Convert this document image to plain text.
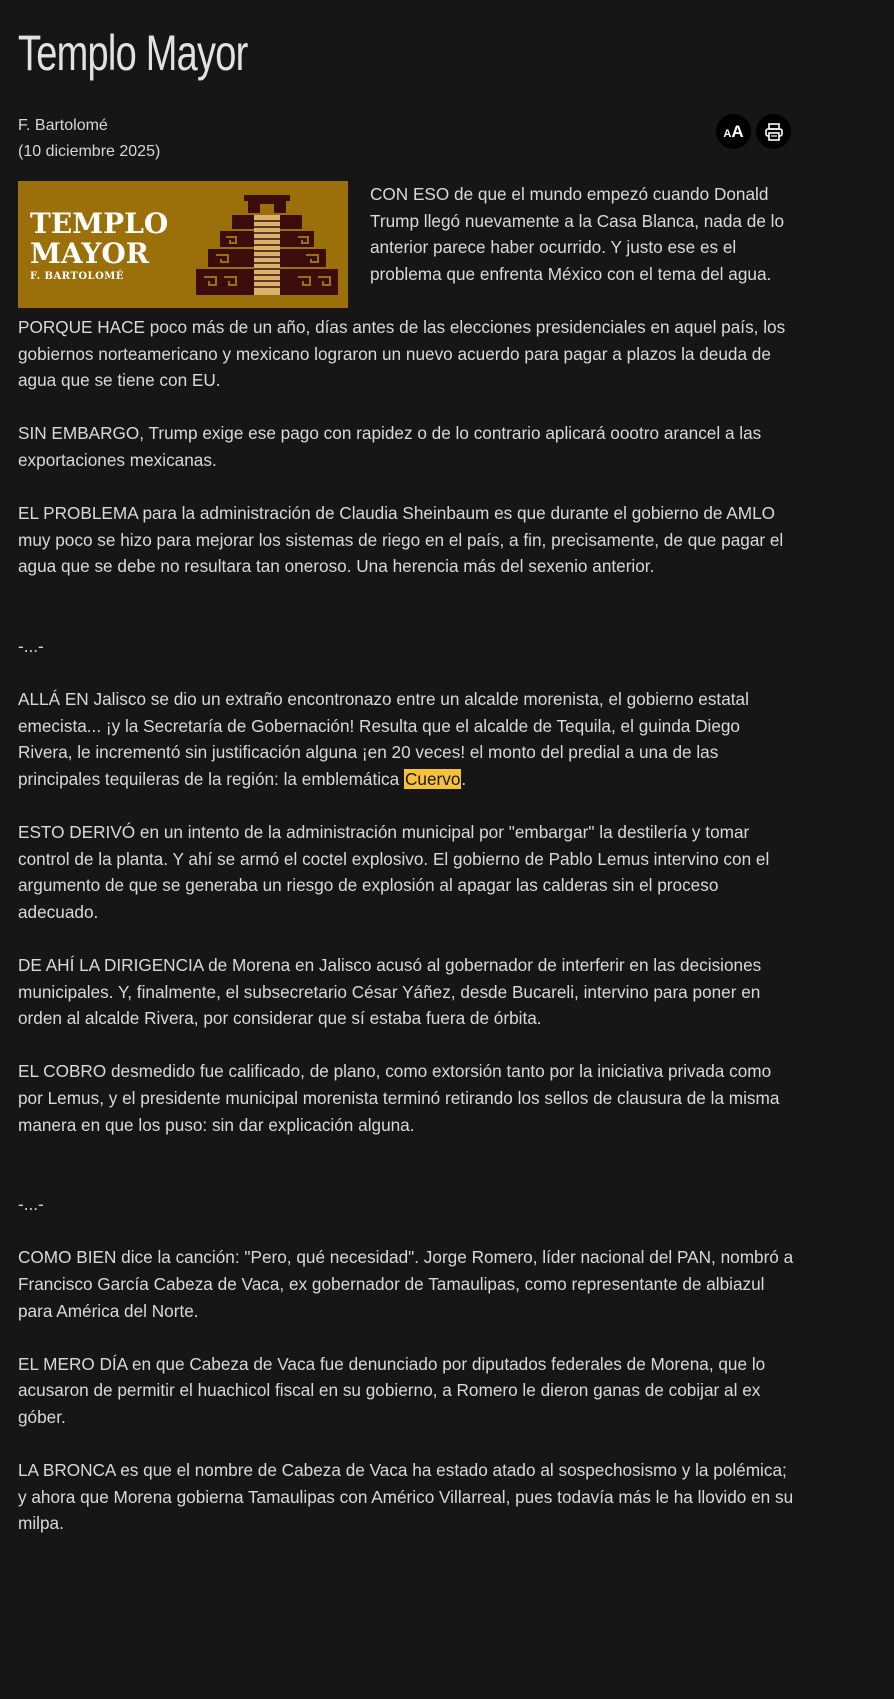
Templo Mayor
F. Bartolomé
(10 diciembre 2025)
AA
TEMPLO
MAYOR
F. BARTOLOMÉ

CON ESO de que el mundo empezó cuando Donald Trump llegó nuevamente a la Casa Blanca, nada de lo anterior parece haber ocurrido. Y justo ese es el problema que enfrenta México con el tema del agua.

PORQUE HACE poco más de un año, días antes de las elecciones presidenciales en aquel país, los gobiernos norteamericano y mexicano lograron un nuevo acuerdo para pagar a plazos la deuda de agua que se tiene con EU.

SIN EMBARGO, Trump exige ese pago con rapidez o de lo contrario aplicará oootro arancel a las exportaciones mexicanas.

EL PROBLEMA para la administración de Claudia Sheinbaum es que durante el gobierno de AMLO muy poco se hizo para mejorar los sistemas de riego en el país, a fin, precisamente, de que pagar el agua que se debe no resultara tan oneroso. Una herencia más del sexenio anterior.

-...-

ALLÁ EN Jalisco se dio un extraño encontronazo entre un alcalde morenista, el gobierno estatal emecista... ¡y la Secretaría de Gobernación! Resulta que el alcalde de Tequila, el guinda Diego Rivera, le incrementó sin justificación alguna ¡en 20 veces! el monto del predial a una de las principales tequileras de la región: la emblemática Cuervo.

ESTO DERIVÓ en un intento de la administración municipal por "embargar" la destilería y tomar control de la planta. Y ahí se armó el coctel explosivo. El gobierno de Pablo Lemus intervino con el argumento de que se generaba un riesgo de explosión al apagar las calderas sin el proceso adecuado.

DE AHÍ LA DIRIGENCIA de Morena en Jalisco acusó al gobernador de interferir en las decisiones municipales. Y, finalmente, el subsecretario César Yáñez, desde Bucareli, intervino para poner en orden al alcalde Rivera, por considerar que sí estaba fuera de órbita.

EL COBRO desmedido fue calificado, de plano, como extorsión tanto por la iniciativa privada como por Lemus, y el presidente municipal morenista terminó retirando los sellos de clausura de la misma manera en que los puso: sin dar explicación alguna.

-...-

COMO BIEN dice la canción: "Pero, qué necesidad". Jorge Romero, líder nacional del PAN, nombró a Francisco García Cabeza de Vaca, ex gobernador de Tamaulipas, como representante de albiazul para América del Norte.

EL MERO DÍA en que Cabeza de Vaca fue denunciado por diputados federales de Morena, que lo acusaron de permitir el huachicol fiscal en su gobierno, a Romero le dieron ganas de cobijar al ex góber.

LA BRONCA es que el nombre de Cabeza de Vaca ha estado atado al sospechosismo y la polémica; y ahora que Morena gobierna Tamaulipas con Américo Villarreal, pues todavía más le ha llovido en su milpa.
